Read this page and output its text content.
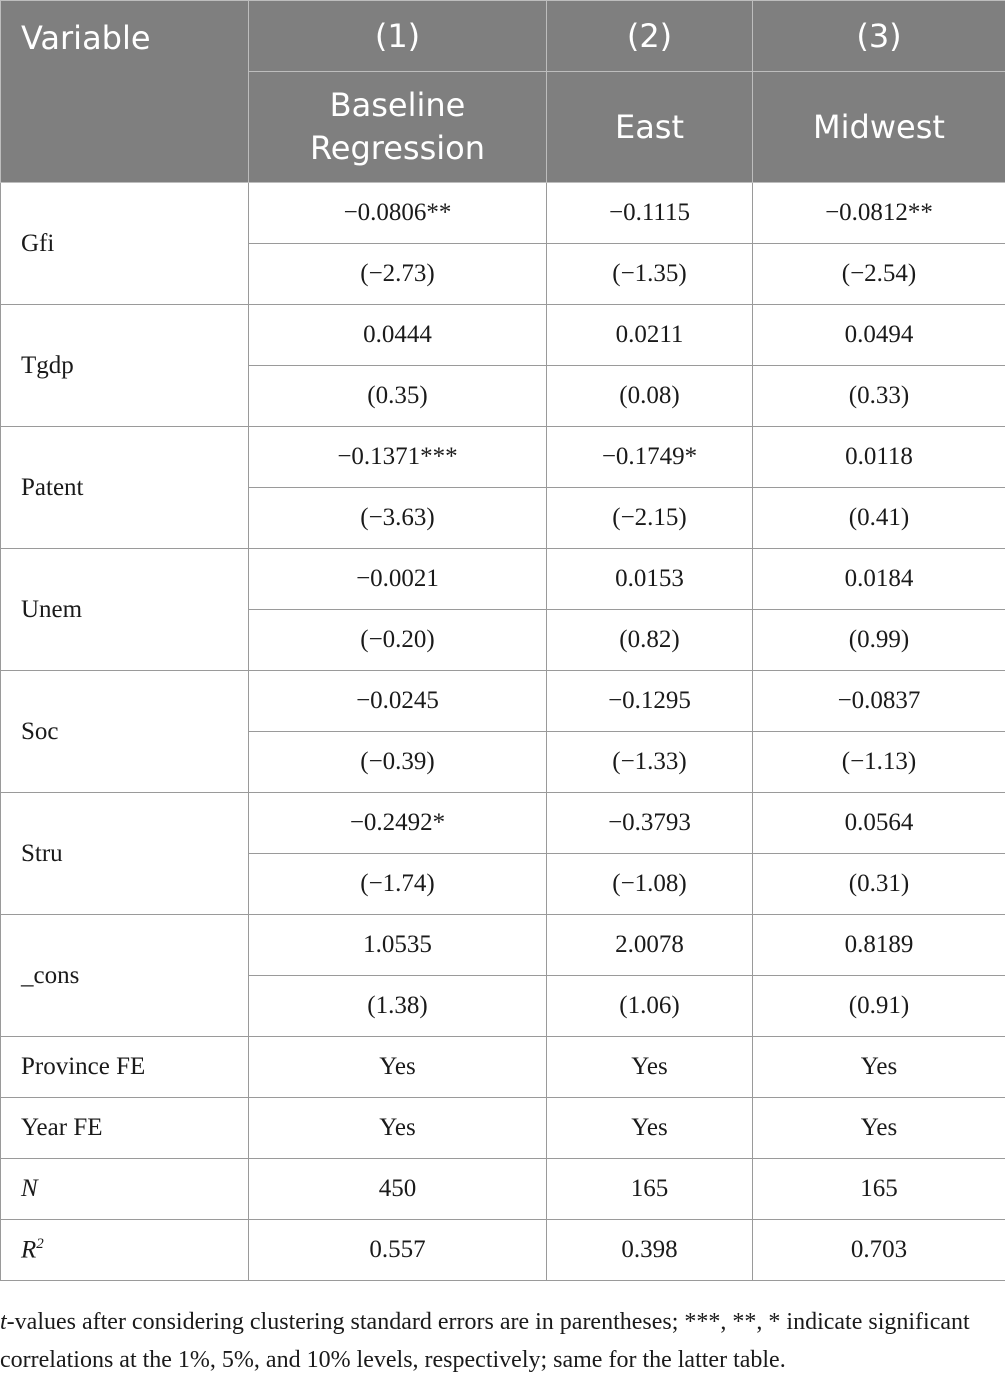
Variable	(1)	(2)	(3)
	Baseline Regression	East	Midwest
Gfi	−0.0806**	−0.1115	−0.0812**
	(−2.73)	(−1.35)	(−2.54)
Tgdp	0.0444	0.0211	0.0494
	(0.35)	(0.08)	(0.33)
Patent	−0.1371***	−0.1749*	0.0118
	(−3.63)	(−2.15)	(0.41)
Unem	−0.0021	0.0153	0.0184
	(−0.20)	(0.82)	(0.99)
Soc	−0.0245	−0.1295	−0.0837
	(−0.39)	(−1.33)	(−1.13)
Stru	−0.2492*	−0.3793	0.0564
	(−1.74)	(−1.08)	(0.31)
_cons	1.0535	2.0078	0.8189
	(1.38)	(1.06)	(0.91)
Province FE	Yes	Yes	Yes
Year FE	Yes	Yes	Yes
N	450	165	165
$R^2$	0.557	0.398	0.703
t-values after considering clustering standard errors are in parentheses; ***, **, * indicate significant correlations at the 1%, 5%, and 10% levels, respectively; same for the latter table.
